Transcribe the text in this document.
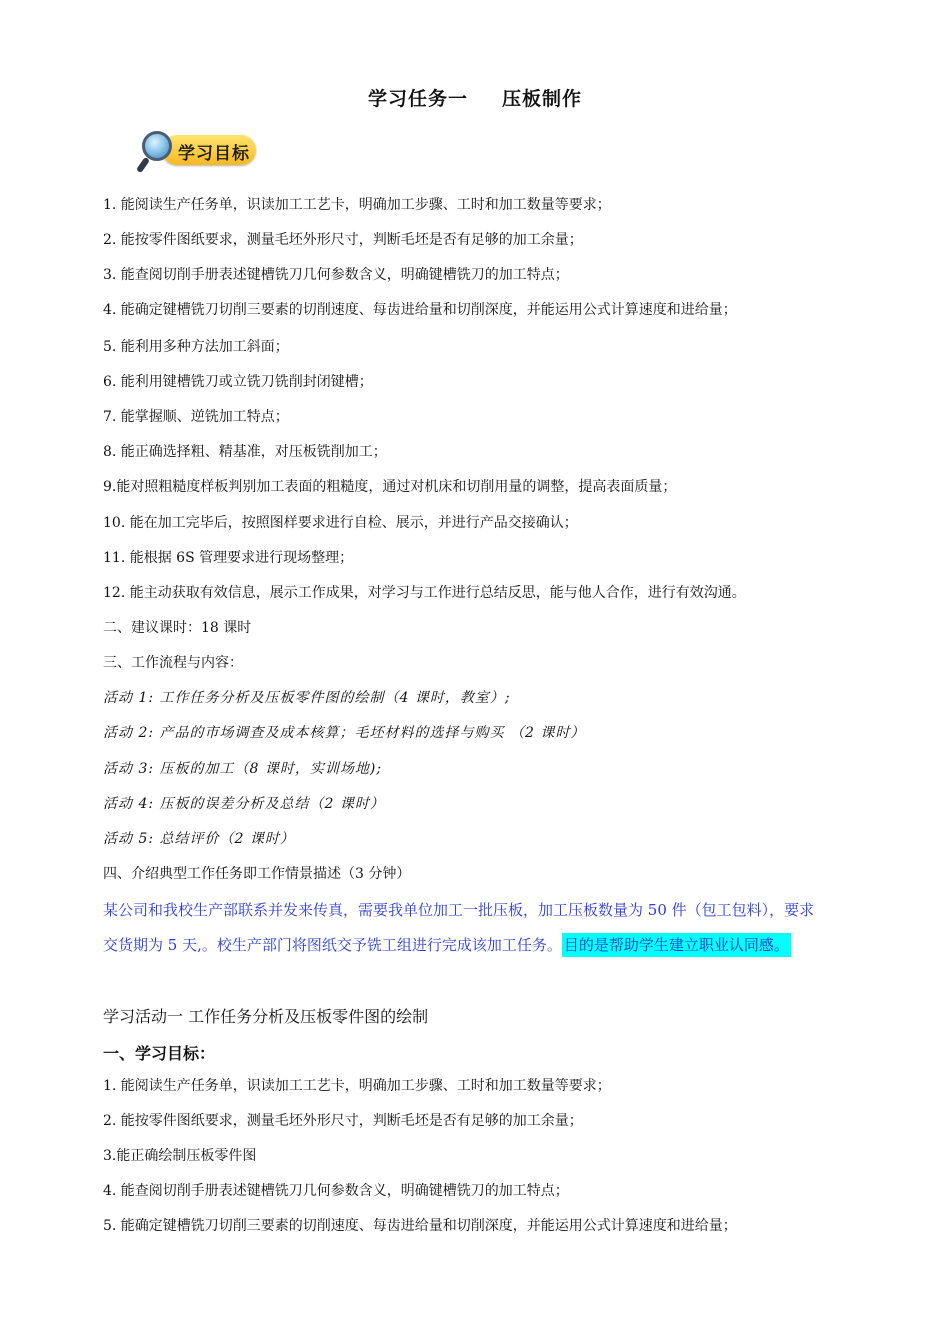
学习任务一 压板制作
学习目标
1. 能阅读生产任务单，识读加工工艺卡，明确加工步骤、工时和加工数量等要求；
2. 能按零件图纸要求，测量毛坯外形尺寸，判断毛坯是否有足够的加工余量；
3. 能查阅切削手册表述键槽铣刀几何参数含义，明确键槽铣刀的加工特点；
4. 能确定键槽铣刀切削三要素的切削速度、每齿进给量和切削深度，并能运用公式计算速度和进给量；
5. 能利用多种方法加工斜面；
6. 能利用键槽铣刀或立铣刀铣削封闭键槽；
7. 能掌握顺、逆铣加工特点；
8. 能正确选择粗、精基准，对压板铣削加工；
9.能对照粗糙度样板判别加工表面的粗糙度，通过对机床和切削用量的调整，提高表面质量；
10. 能在加工完毕后，按照图样要求进行自检、展示，并进行产品交接确认；
11. 能根据 6S 管理要求进行现场整理；
12. 能主动获取有效信息，展示工作成果，对学习与工作进行总结反思，能与他人合作，进行有效沟通。
二、建议课时：18 课时
三、工作流程与内容：
活动 1: 工作任务分析及压板零件图的绘制（4 课时，教室）;
活动 2: 产品的市场调查及成本核算；毛坯材料的选择与购买 （2 课时）
活动 3: 压板的加工（8 课时，实训场地);
活动 4: 压板的误差分析及总结（2 课时）
活动 5: 总结评价（2 课时）
四、介绍典型工作任务即工作情景描述（3 分钟）
某公司和我校生产部联系并发来传真，需要我单位加工一批压板，加工压板数量为 50 件（包工包料），要求
交货期为 5 天,。校生产部门将图纸交予铣工组进行完成该加工任务。 目的是帮助学生建立职业认同感。
学习活动一 工作任务分析及压板零件图的绘制
一、学习目标：
1. 能阅读生产任务单，识读加工工艺卡，明确加工步骤、工时和加工数量等要求；
2. 能按零件图纸要求，测量毛坯外形尺寸，判断毛坯是否有足够的加工余量；
3.能正确绘制压板零件图
4. 能查阅切削手册表述键槽铣刀几何参数含义，明确键槽铣刀的加工特点；
5. 能确定键槽铣刀切削三要素的切削速度、每齿进给量和切削深度，并能运用公式计算速度和进给量；
